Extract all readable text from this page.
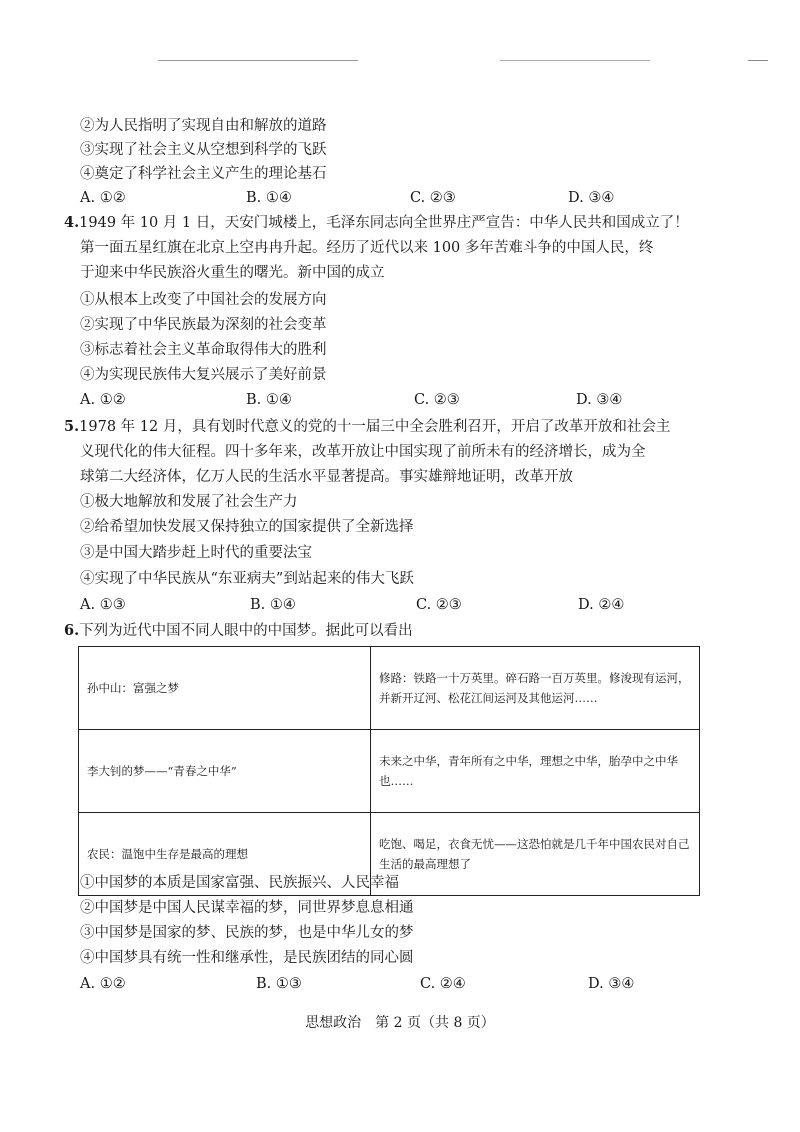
②为人民指明了实现自由和解放的道路
③实现了社会主义从空想到科学的飞跃
④奠定了科学社会主义产生的理论基石
A. ①②	B. ①④	C. ②③	D. ③④
4.1949 年 10 月 1 日，天安门城楼上，毛泽东同志向全世界庄严宣告：中华人民共和国成立了！
第一面五星红旗在北京上空冉冉升起。经历了近代以来 100 多年苦难斗争的中国人民，终
于迎来中华民族浴火重生的曙光。新中国的成立
①从根本上改变了中国社会的发展方向
②实现了中华民族最为深刻的社会变革
③标志着社会主义革命取得伟大的胜利
④为实现民族伟大复兴展示了美好前景
A. ①②	B. ①④	C. ②③	D. ③④
5.1978 年 12 月，具有划时代意义的党的十一届三中全会胜利召开，开启了改革开放和社会主
义现代化的伟大征程。四十多年来，改革开放让中国实现了前所未有的经济增长，成为全
球第二大经济体，亿万人民的生活水平显著提高。事实雄辩地证明，改革开放
①极大地解放和发展了社会生产力
②给希望加快发展又保持独立的国家提供了全新选择
③是中国大踏步赶上时代的重要法宝
④实现了中华民族从“东亚病夫”到站起来的伟大飞跃
A. ①③	B. ①④	C. ②③	D. ②④
6.下列为近代中国不同人眼中的中国梦。据此可以看出
孙中山：富强之梦	修路：铁路一十万英里。碎石路一百万英里。修浚现有运河，并新开辽河、松花江间运河及其他运河……
李大钊的梦——“青春之中华”	未来之中华，青年所有之中华，理想之中华，胎孕中之中华也……
农民：温饱中生存是最高的理想	吃饱、喝足，衣食无忧——这恐怕就是几千年中国农民对自己生活的最高理想了
①中国梦的本质是国家富强、民族振兴、人民幸福
②中国梦是中国人民谋幸福的梦，同世界梦息息相通
③中国梦是国家的梦、民族的梦，也是中华儿女的梦
④中国梦具有统一性和继承性，是民族团结的同心圆
A. ①②	B. ①③	C. ②④	D. ③④
思想政治　第 2 页（共 8 页）
